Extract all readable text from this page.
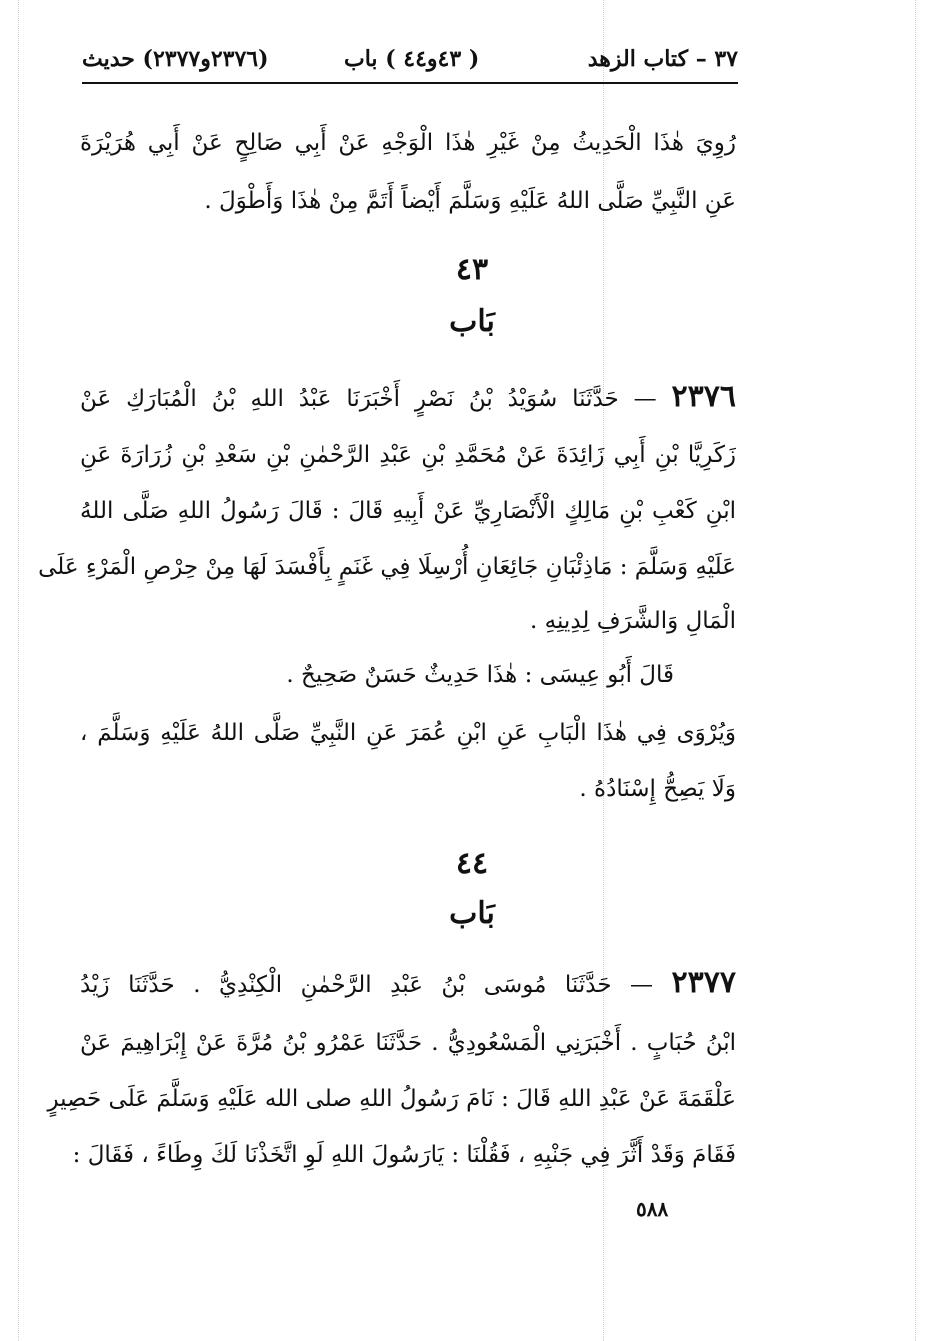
٣٧ – كتاب الزهد
( ٤٣و٤٤ ) باب
(٢٣٧٦و٢٣٧٧) حديث
رُوِيَ هٰذَا الْحَدِيثُ مِنْ غَيْرِ هٰذَا الْوَجْهِ عَنْ أَبِي صَالِحٍ عَنْ أَبِي هُرَيْرَةَ
عَنِ النَّبِيِّ صَلَّى اللهُ عَلَيْهِ وَسَلَّمَ أَيْضاً أَتَمَّ مِنْ هٰذَا وَأَطْوَلَ .
٤٣
بَاب
٢٣٧٦ — حَدَّثَنَا سُوَيْدُ بْنُ نَصْرٍ أَخْبَرَنَا عَبْدُ اللهِ بْنُ الْمُبَارَكِ عَنْ
زَكَرِيَّا بْنِ أَبِي زَائِدَةَ عَنْ مُحَمَّدِ بْنِ عَبْدِ الرَّحْمٰنِ بْنِ سَعْدِ بْنِ زُرَارَةَ عَنِ
ابْنِ كَعْبِ بْنِ مَالِكٍ الْأَنْصَارِيِّ عَنْ أَبِيهِ قَالَ : قَالَ رَسُولُ اللهِ صَلَّى اللهُ
عَلَيْهِ وَسَلَّمَ : مَاذِئْبَانِ جَائِعَانِ أُرْسِلَا فِي غَنَمٍ بِأَفْسَدَ لَهَا مِنْ حِرْصِ الْمَرْءِ عَلَى
الْمَالِ وَالشَّرَفِ لِدِينِهِ .
قَالَ أَبُو عِيسَى : هٰذَا حَدِيثٌ حَسَنٌ صَحِيحٌ .
وَيُرْوَى فِي هٰذَا الْبَابِ عَنِ ابْنِ عُمَرَ عَنِ النَّبِيِّ صَلَّى اللهُ عَلَيْهِ وَسَلَّمَ ،
وَلَا يَصِحُّ إِسْنَادُهُ .
٤٤
بَاب
٢٣٧٧ — حَدَّثَنَا مُوسَى بْنُ عَبْدِ الرَّحْمٰنِ الْكِنْدِيُّ . حَدَّثَنَا زَيْدُ
ابْنُ حُبَابٍ . أَخْبَرَنِي الْمَسْعُودِيُّ . حَدَّثَنَا عَمْرُو بْنُ مُرَّةَ عَنْ إِبْرَاهِيمَ عَنْ
عَلْقَمَةَ عَنْ عَبْدِ اللهِ قَالَ : نَامَ رَسُولُ اللهِ صلى الله عَلَيْهِ وَسَلَّمَ عَلَى حَصِيرٍ
فَقَامَ وَقَدْ أَثَّرَ فِي جَنْبِهِ ، فَقُلْنَا : يَارَسُولَ اللهِ لَوِ اتَّخَذْنَا لَكَ وِطَاءً ، فَقَالَ :
٥٨٨
